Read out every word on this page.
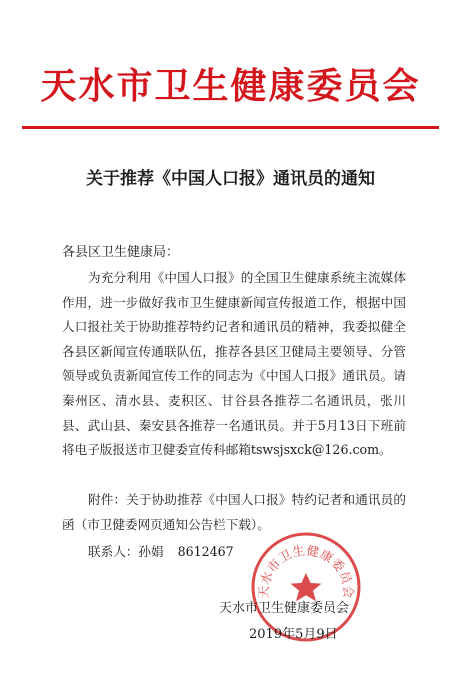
天水市卫生健康委员会
关于推荐《中国人口报》通讯员的通知
各县区卫生健康局：
为充分利用《中国人口报》的全国卫生健康系统主流媒体作用，进一步做好我市卫生健康新闻宣传报道工作，根据中国人口报社关于协助推荐特约记者和通讯员的精神，我委拟健全各县区新闻宣传通联队伍，推荐各县区卫健局主要领导、分管领导或负责新闻宣传工作的同志为《中国人口报》通讯员。请秦州区、清水县、麦积区、甘谷县各推荐二名通讯员，张川县、武山县、秦安县各推荐一名通讯员。并于5月13日下班前将电子版报送市卫健委宣传科邮箱tswsjsxck@126.com。
附件：关于协助推荐《中国人口报》特约记者和通讯员的函（市卫健委网页通知公告栏下载）。
联系人：孙娟 8612467
天水市卫生健康委员会
天水市卫生健康委员会
2019年5月9日
